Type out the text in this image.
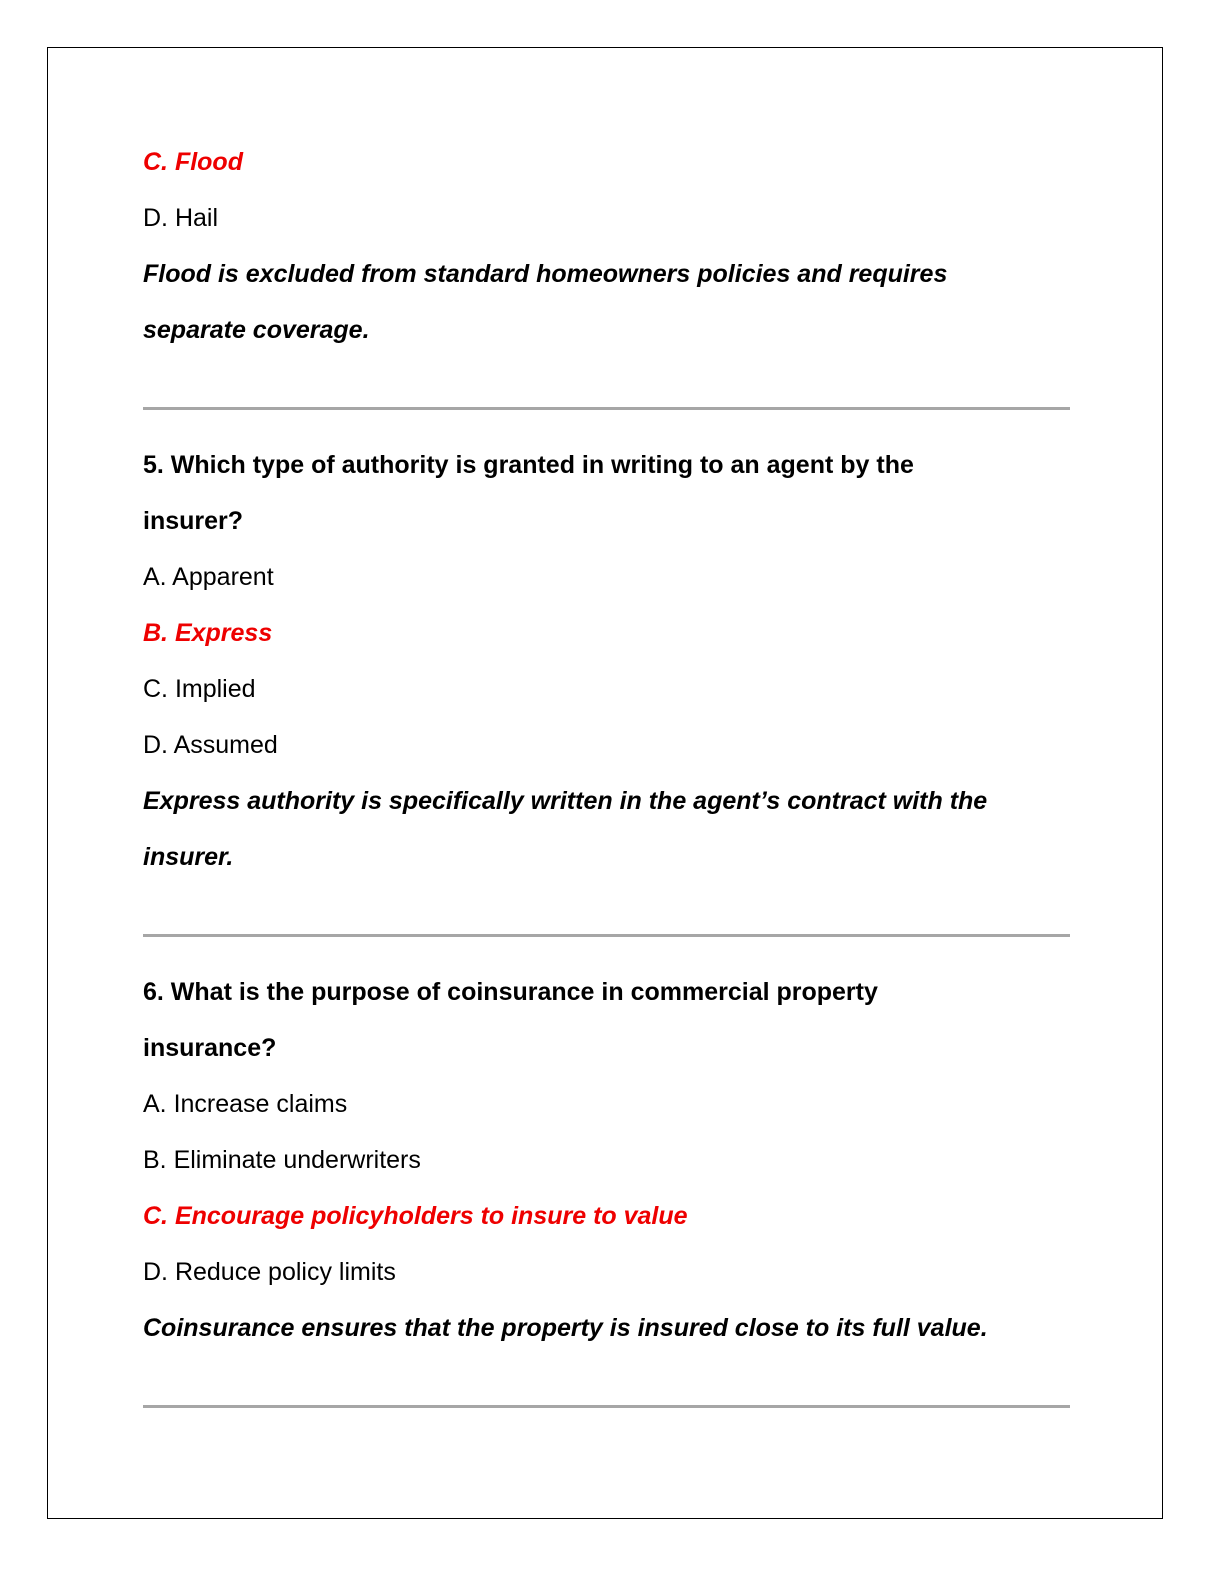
C. Flood

D. Hail

Flood is excluded from standard homeowners policies and requires

separate coverage.

5. Which type of authority is granted in writing to an agent by the

insurer?

A. Apparent

B. Express

C. Implied

D. Assumed

Express authority is specifically written in the agent’s contract with the

insurer.

6. What is the purpose of coinsurance in commercial property

insurance?

A. Increase claims

B. Eliminate underwriters

C. Encourage policyholders to insure to value

D. Reduce policy limits

Coinsurance ensures that the property is insured close to its full value.
